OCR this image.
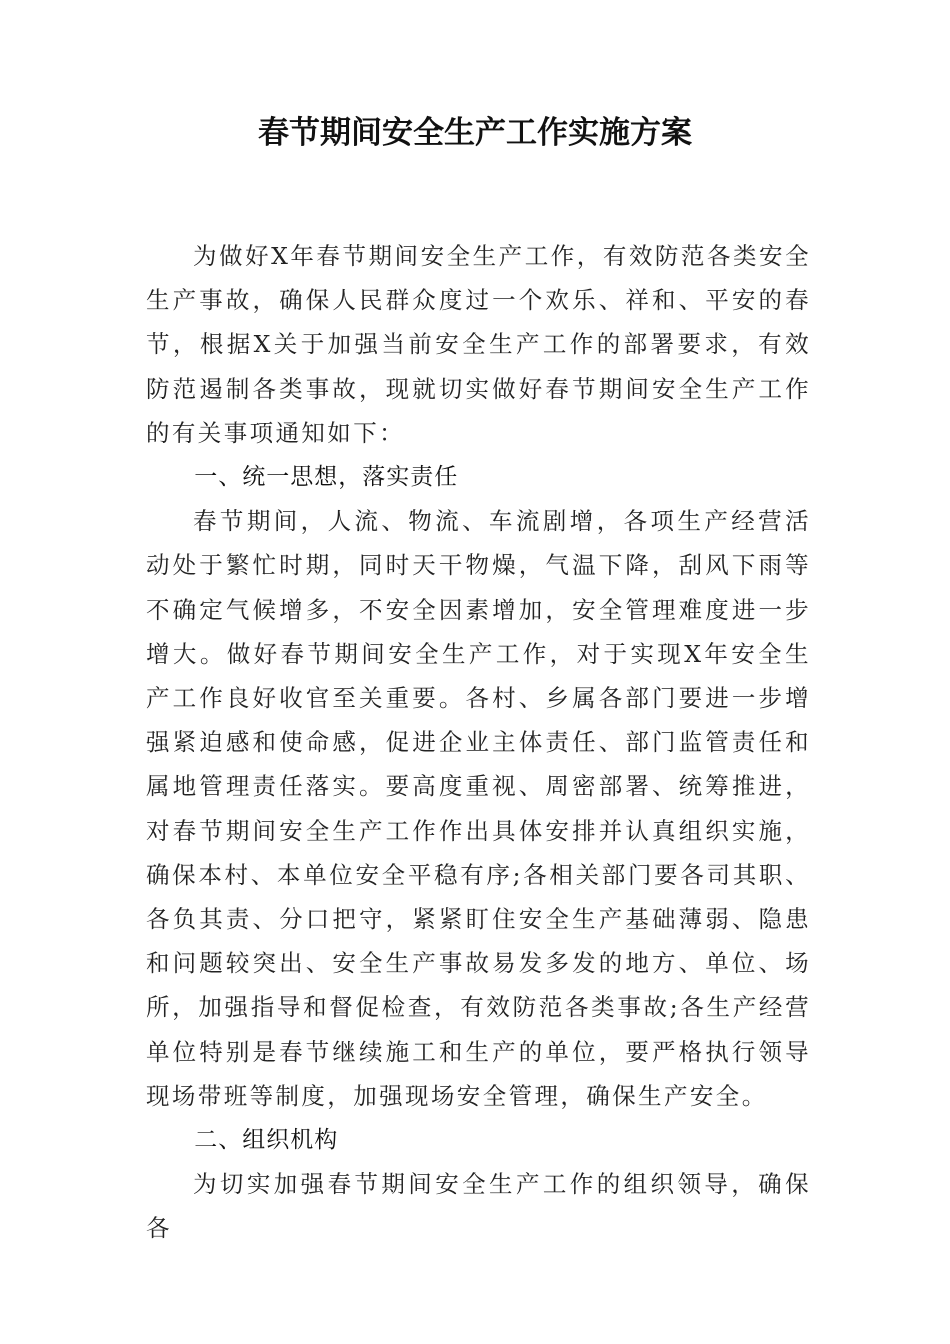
春节期间安全生产工作实施方案

为做好X年春节期间安全生产工作，有效防范各类安全生产事故，确保人民群众度过一个欢乐、祥和、平安的春节，根据X关于加强当前安全生产工作的部署要求，有效防范遏制各类事故，现就切实做好春节期间安全生产工作的有关事项通知如下：

一、统一思想，落实责任

春节期间，人流、物流、车流剧增，各项生产经营活动处于繁忙时期，同时天干物燥，气温下降，刮风下雨等不确定气候增多，不安全因素增加，安全管理难度进一步增大。做好春节期间安全生产工作，对于实现X年安全生产工作良好收官至关重要。各村、乡属各部门要进一步增强紧迫感和使命感，促进企业主体责任、部门监管责任和属地管理责任落实。要高度重视、周密部署、统筹推进，对春节期间安全生产工作作出具体安排并认真组织实施，确保本村、本单位安全平稳有序;各相关部门要各司其职、各负其责、分口把守，紧紧盯住安全生产基础薄弱、隐患和问题较突出、安全生产事故易发多发的地方、单位、场所，加强指导和督促检查，有效防范各类事故;各生产经营单位特别是春节继续施工和生产的单位，要严格执行领导现场带班等制度，加强现场安全管理，确保生产安全。

二、组织机构

为切实加强春节期间安全生产工作的组织领导，确保各
